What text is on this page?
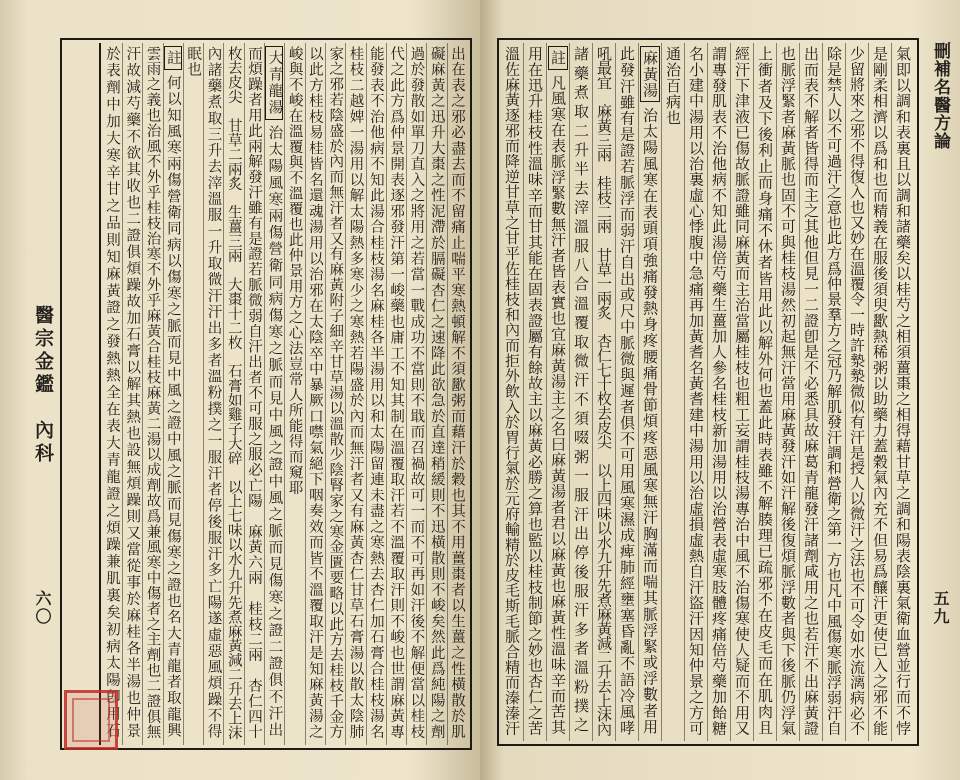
醫宗金鑑
內科
六〇	出在表之邪必盡去而不留痛止喘平寒熱頓解不須歠粥而藉汗於穀也其不用薑棗者以生薑之性橫散於肌
礙麻黃之迅升大棗之性泥滯於膈礙杏仁之速降此欲急於直達稍緩則不迅橫散則不峻矣然此爲純陽之劑
過於發散如單刀直入之將用之若當一戰成功不當則不戢而召禍故可一而不可再如汗後不解便當以桂枝
代之此方爲仲景開表逐邪發汗第一峻藥也庸工不知其制在溫覆取汗若不溫覆取汗則不峻也世謂麻黃專
能發表不治他病不知此湯合桂枝湯名麻桂各半湯用以和太陽留連未盡之寒熱去杏仁加石膏合桂枝湯名
桂枝二越婢一湯用以解太陽熱多寒少之寒熱若陽盛於內而無汗者又有麻黃杏仁甘草石膏湯以散太陰肺
家之邪若陰盛於內而無汗者又有麻黃附子細辛甘草湯以溫散少陰腎家之寒金匱要略以此方去桂枝千金方
以此方桂枝易桂皆名還魂湯用以治邪在太陰卒中暴厥口噤氣絕下咽奏效而皆不溫覆取汗是知麻黃湯之
峻與不峻在溫覆與不溫覆也此仲景用方之心法豈常人所能得而窺耶
大青龍湯治太陽風寒兩傷營衛同病傷寒之脈而見中風之證中風之脈而見傷寒之證二證俱不汗出
而煩躁者用此兩解發汗雖有是證若脈微弱自汗出者不可服之服必亡陽　麻黃六兩　桂枝二兩　杏仁四十
枚去皮尖　甘草二兩炙　生薑三兩　大棗十二枚　石膏如雞子大碎　以上七味以水九升先煮麻黃減二升去上沫
內諸藥煮取三升去滓溫服一升取微汗汗出多者溫粉撲之一服汗者停後服汗多亡陽遂虛惡風煩躁不得
眠也
註何以知風寒兩傷營衛同病以傷寒之脈而見中風之證中風之脈而見傷寒之證也名大青龍者取龍興
雲雨之義也治風不外乎桂枝治寒不外乎麻黃合桂枝麻黃二湯以成劑故爲兼風寒中傷者之主劑也二證俱無
汗故減芍藥不欲其收也二證俱煩躁故加石膏以解其熱也設無煩躁則又當從事於麻桂各半湯也仲景
於表劑中加大寒辛甘之品則知麻黃證之發熱熱全在表大青龍證之煩躁兼肌裏矣初病太陽卽用石	刪補名醫方論
五九
氣即以調和表裏且以調和諸藥矣以桂芍之相須薑棗之相得藉甘草之調和陽表陰裏氣衛血營並行而不悖
是剛柔相濟以爲和也而精義在服後須臾歠熱稀粥以助藥力蓋穀氣內充不但易爲釀汗更使已入之邪不能
少留將來之邪不得復入也又妙在溫覆令一時許漐漐微似有汗是授人以微汗之法也不可令如水流漓病必不
除是禁人以不可過汗之意也此方爲仲景羣方之冠乃解肌發汗調和營衛之第一方也凡中風傷寒脈浮弱汗自
出而表不解者皆得而主之其他但見一二證卽是不必悉具故麻葛青龍發汗諸劑咸用之也若汗不出麻黃證
也脈浮緊者麻黃脈也固不可與桂枝湯然初起無汗當用麻黃發汗如汗解後復煩脈浮數者與下後脈仍浮氣
上衝者及下後利止而身痛不休者皆用此以解外何也蓋此時表雖不解腠理已疏邪不在皮毛而在肌肉且
經汗下津液已傷故脈證雖同麻黃而主治當屬桂枝也粗工妄謂桂枝湯專治中風不治傷寒使人疑而不用又
謂專發肌表不治他病不知此湯倍芍藥生薑加人參名桂枝新加湯用以治營表虛寒肢體疼痛倍芍藥加飴糖
名小建中湯用以治裏虛心悸腹中急痛再加黃耆名黃耆建中湯用以治虛損虛熱自汗盜汗因知仲景之方可
通治百病也
麻黃湯治太陽風寒在表頭項強痛發熱身疼腰痛骨節煩疼惡風寒無汗胸滿而喘其脈浮緊或浮數者用
此發汗雖有是證若脈浮而弱汗自出或尺中脈微與遲者俱不可用風寒濕成痺肺經壅塞昏亂不語冷風哮
吼最宜　麻黃三兩　桂枝二兩　甘草一兩炙　杏仁七十枚去皮尖　以上四味以水九升先煮麻黃減二升去上沫內
諸藥煮取二升半去滓溫服八合溫覆取微汗不須啜粥一服汗出停後服汗多者溫粉撲之
註凡風寒在表脈浮緊數無汗者皆表實也宜麻黃湯主之名曰麻黃湯者君以麻黃也麻黃性溫味辛而苦其
用在迅升桂枝性溫味辛而甘其能在固表證屬有餘故主以麻黃必勝之算也監以桂枝制節之妙也杏仁之苦
溫佐麻黃逐邪而降逆甘草之甘平佐桂枝和內而拒外飲入於胃行氣於元府輸精於皮毛斯毛脈合精而溱溱汗
